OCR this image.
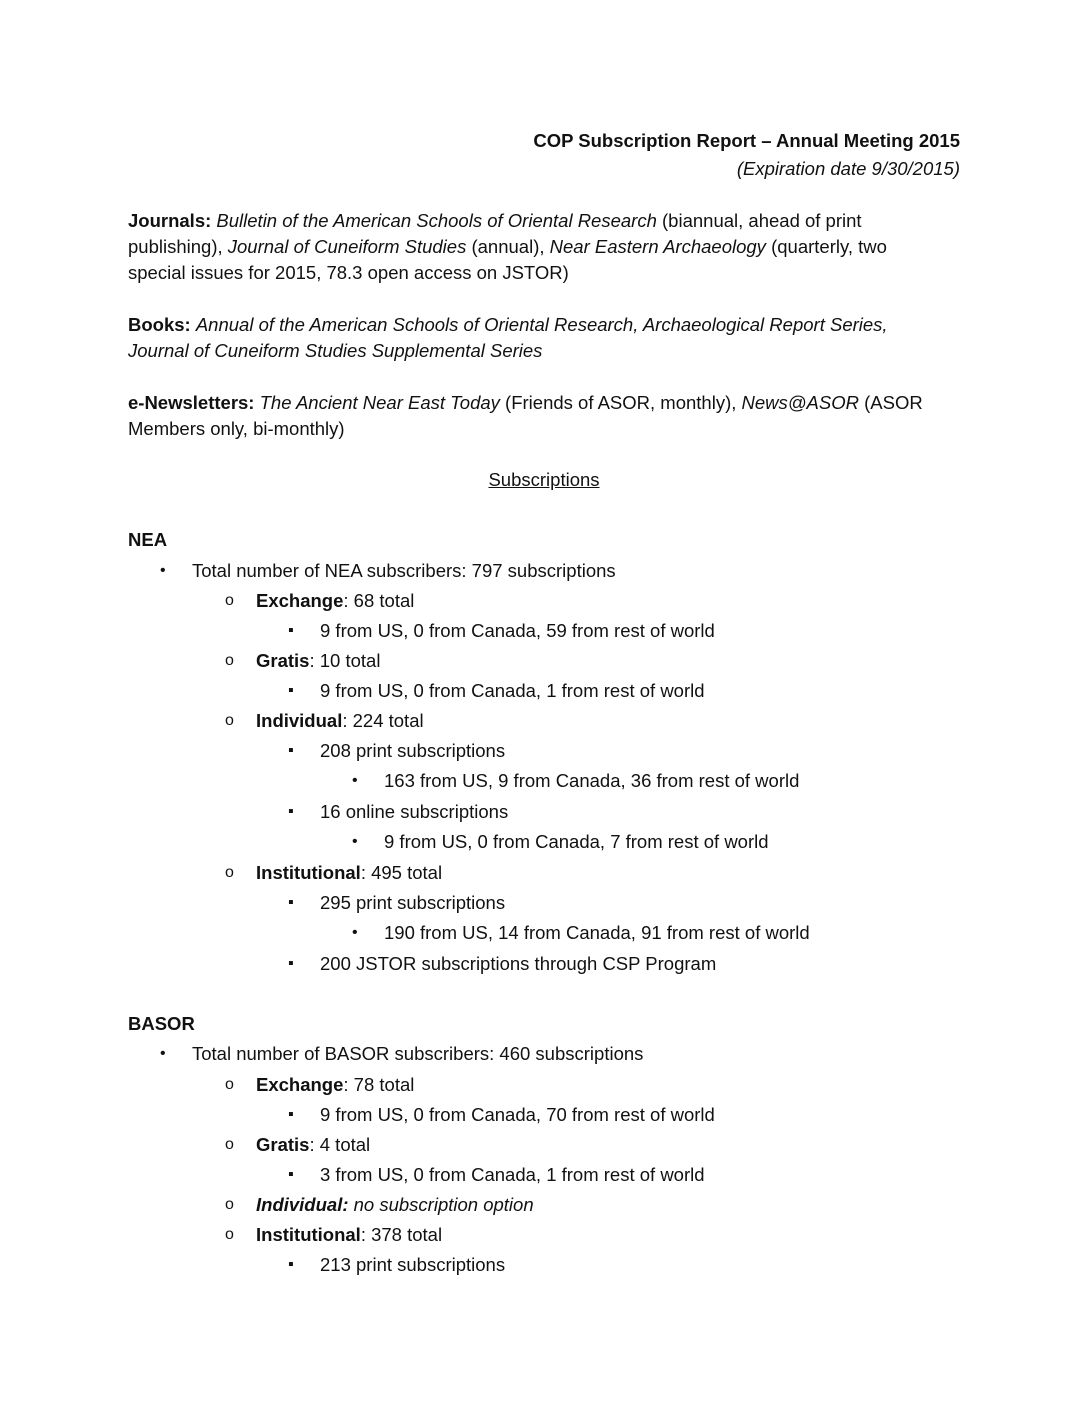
COP Subscription Report – Annual Meeting 2015
(Expiration date 9/30/2015)
Journals: Bulletin of the American Schools of Oriental Research (biannual, ahead of print
publishing), Journal of Cuneiform Studies (annual), Near Eastern Archaeology (quarterly, two
special issues for 2015, 78.3 open access on JSTOR)
Books: Annual of the American Schools of Oriental Research, Archaeological Report Series,
Journal of Cuneiform Studies Supplemental Series
e-Newsletters: The Ancient Near East Today (Friends of ASOR, monthly), News@ASOR (ASOR
Members only, bi-monthly)
Subscriptions
NEA
• Total number of NEA subscribers: 797 subscriptions
o Exchange: 68 total
▪ 9 from US, 0 from Canada, 59 from rest of world
o Gratis: 10 total
▪ 9 from US, 0 from Canada, 1 from rest of world
o Individual: 224 total
▪ 208 print subscriptions
• 163 from US, 9 from Canada, 36 from rest of world
▪ 16 online subscriptions
• 9 from US, 0 from Canada, 7 from rest of world
o Institutional: 495 total
▪ 295 print subscriptions
• 190 from US, 14 from Canada, 91 from rest of world
▪ 200 JSTOR subscriptions through CSP Program
BASOR
• Total number of BASOR subscribers: 460 subscriptions
o Exchange: 78 total
▪ 9 from US, 0 from Canada, 70 from rest of world
o Gratis: 4 total
▪ 3 from US, 0 from Canada, 1 from rest of world
o Individual: no subscription option
o Institutional: 378 total
▪ 213 print subscriptions
